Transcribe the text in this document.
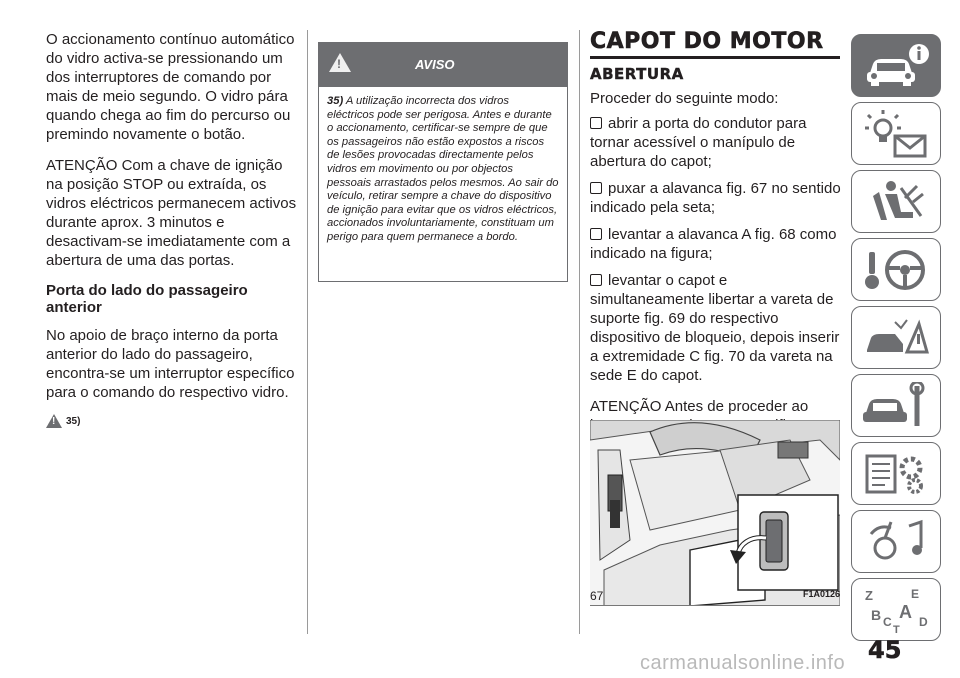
O accionamento contínuo automático do vidro activa-se pressionando um dos interruptores de comando por mais de meio segundo. O vidro pára quando chega ao fim do percurso ou premindo novamente o botão.

ATENÇÃO Com a chave de ignição na posição STOP ou extraída, os vidros eléctricos permanecem activos durante aprox. 3 minutos e desactivam-se imediatamente com a abertura de uma das portas.

Porta do lado do passageiro anterior

No apoio de braço interno da porta anterior do lado do passageiro, encontra-se um interruptor específico para o comando do respectivo vidro.

!
35)
!	AVISO
35) A utilização incorrecta dos vidros eléctricos pode ser perigosa. Antes e durante o accionamento, certificar-se sempre de que os passageiros não estão expostos a riscos de lesões provocadas directamente pelos vidros em movimento ou por objectos pessoais arrastados pelos mesmos. Ao sair do veículo, retirar sempre a chave do dispositivo de ignição para evitar que os vidros eléctricos, accionados involuntariamente, constituam um perigo para quem permanece a bordo.
CAPOT DO MOTOR
ABERTURA

Proceder do seguinte modo:

abrir a porta do condutor para tornar acessível o manípulo de abertura do capot;
puxar a alavanca fig. 67 no sentido indicado pela seta;
levantar a alavanca A fig. 68 como indicado na figura;
levantar o capot e simultaneamente libertar a vareta de suporte fig. 69 do respectivo dispositivo de bloqueio, depois inserir a extremidade C fig. 70 da vareta na sede E do capot.

ATENÇÃO Antes de proceder ao

67	F1A0126 Z	E
B A
C D
T
45
carmanualsonline.info
